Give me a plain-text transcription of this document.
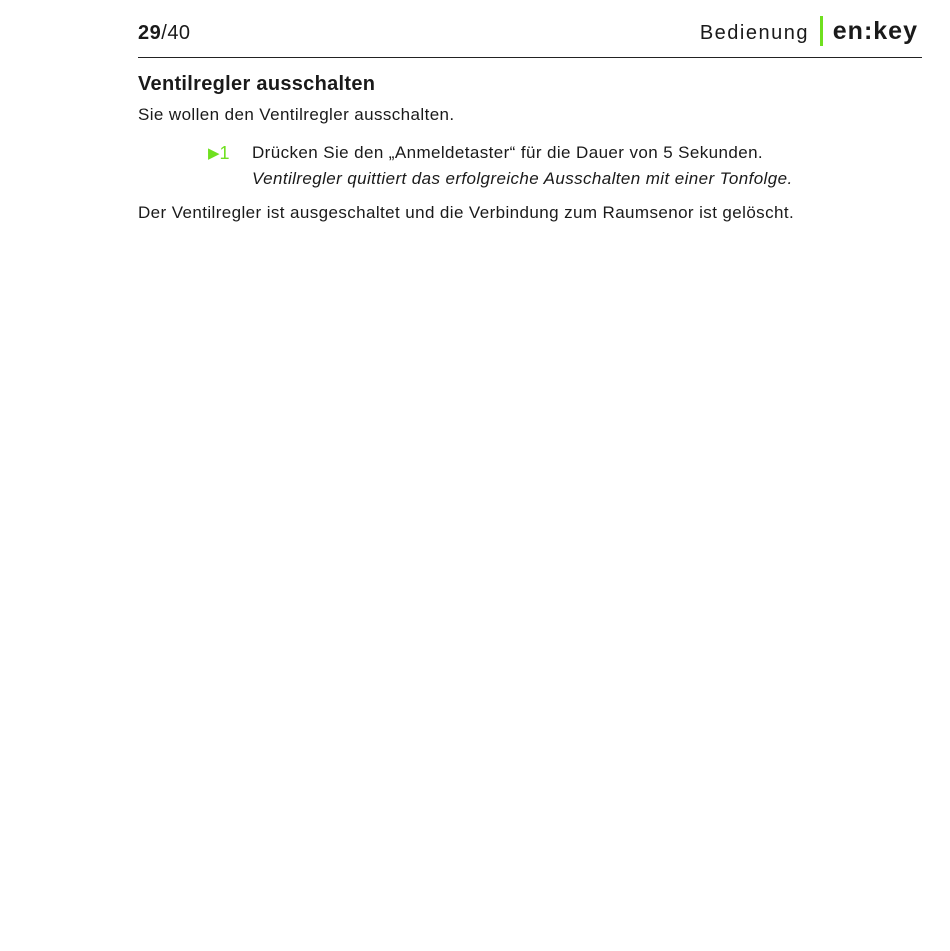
29/40	Bedienung en:key
Ventilregler ausschalten

Sie wollen den Ventilregler ausschalten.

▶1 Drücken Sie den „Anmeldetaster“ für die Dauer von 5 Sekunden.
Ventilregler quittiert das erfolgreiche Ausschalten mit einer Tonfolge.

Der Ventilregler ist ausgeschaltet und die Verbindung zum Raumsenor ist gelöscht.
